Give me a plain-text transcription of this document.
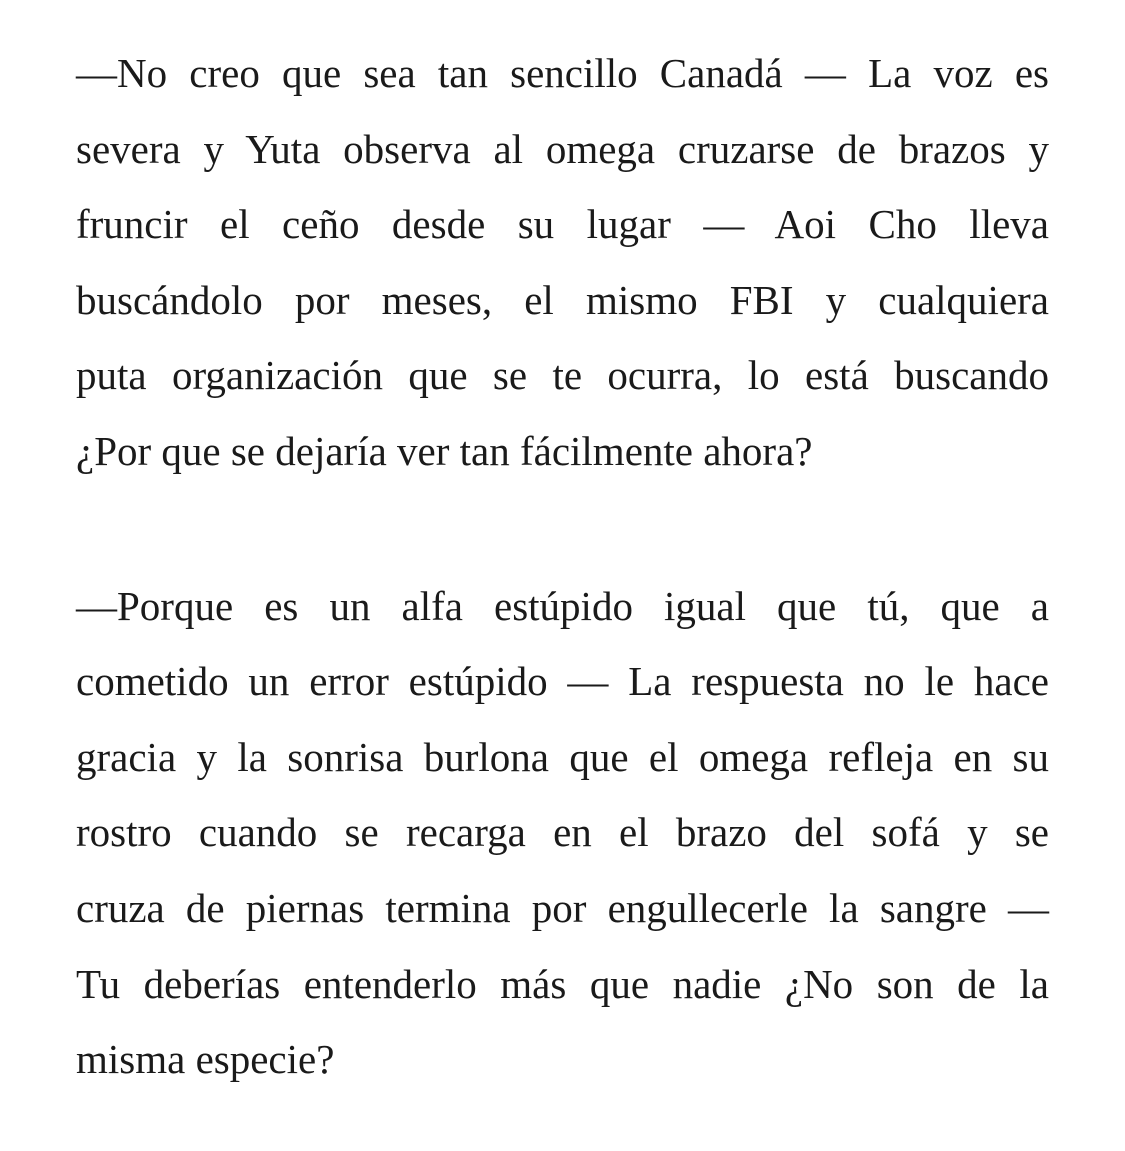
—No creo que sea tan sencillo Canadá — La voz es
severa y Yuta observa al omega cruzarse de brazos y
fruncir el ceño desde su lugar — Aoi Cho lleva
buscándolo por meses, el mismo FBI y cualquiera
puta organización que se te ocurra, lo está buscando
¿Por que se dejaría ver tan fácilmente ahora?
—Porque es un alfa estúpido igual que tú, que a
cometido un error estúpido — La respuesta no le hace
gracia y la sonrisa burlona que el omega refleja en su
rostro cuando se recarga en el brazo del sofá y se
cruza de piernas termina por engullecerle la sangre —
Tu deberías entenderlo más que nadie ¿No son de la
misma especie?
